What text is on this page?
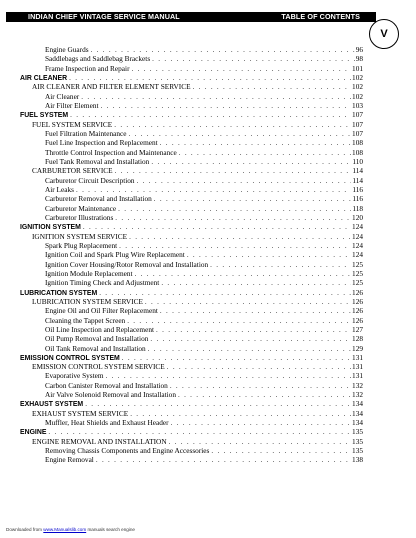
INDIAN CHIEF VINTAGE SERVICE MANUAL	TABLE OF CONTENTS
V
Engine Guards . . .	96
Saddlebags and Saddlebag Brackets . . .	98
Frame Inspection and Repair . . .	101
AIR CLEANER . . .	102
AIR CLEANER AND FILTER ELEMENT SERVICE . . .	102
Air Cleaner . . .	102
Air Filter Element . . .	103
FUEL SYSTEM . . .	107
FUEL SYSTEM SERVICE . . .	107
Fuel Filtration Maintenance . . .	107
Fuel Line Inspection and Replacement . . .	108
Throttle Control Inspection and Maintenance . . .	108
Fuel Tank Removal and Installation . . .	110
CARBURETOR SERVICE . . .	114
Carburetor Circuit Description . . .	114
Air Leaks . . .	116
Carburetor Removal and Installation . . .	116
Carburetor Maintenance . . .	118
Carburetor Illustrations . . .	120
IGNITION SYSTEM . . .	124
IGNITION SYSTEM SERVICE . . .	124
Spark Plug Replacement . . .	124
Ignition Coil and Spark Plug Wire Replacement . . .	124
Ignition Cover Housing/Rotor Removal and Installation . . .	125
Ignition Module Replacement . . .	125
Ignition Timing Check and Adjustment . . .	125
LUBRICATION SYSTEM . . .	126
LUBRICATION SYSTEM SERVICE . . .	126
Engine Oil and Oil Filter Replacement . . .	126
Cleaning the Tappet Screen . . .	126
Oil Line Inspection and Replacement . . .	127
Oil Pump Removal and Installation . . .	128
Oil Tank Removal and Installation . . .	129
EMISSION CONTROL SYSTEM . . .	131
EMISSION CONTROL SYSTEM SERVICE . . .	131
Evaporative System . . .	131
Carbon Canister Removal and Installation . . .	132
Air Valve Solenoid Removal and Installation . . .	132
EXHAUST SYSTEM . . .	134
EXHAUST SYSTEM SERVICE . . .	134
Muffler, Heat Shields and Exhaust Header . . .	134
ENGINE . . .	135
ENGINE REMOVAL AND INSTALLATION . . .	135
Removing Chassis Components and Engine Accessories . . .	135
Engine Removal . . .	138
Downloaded from www.Manualslib.com manuals search engine
